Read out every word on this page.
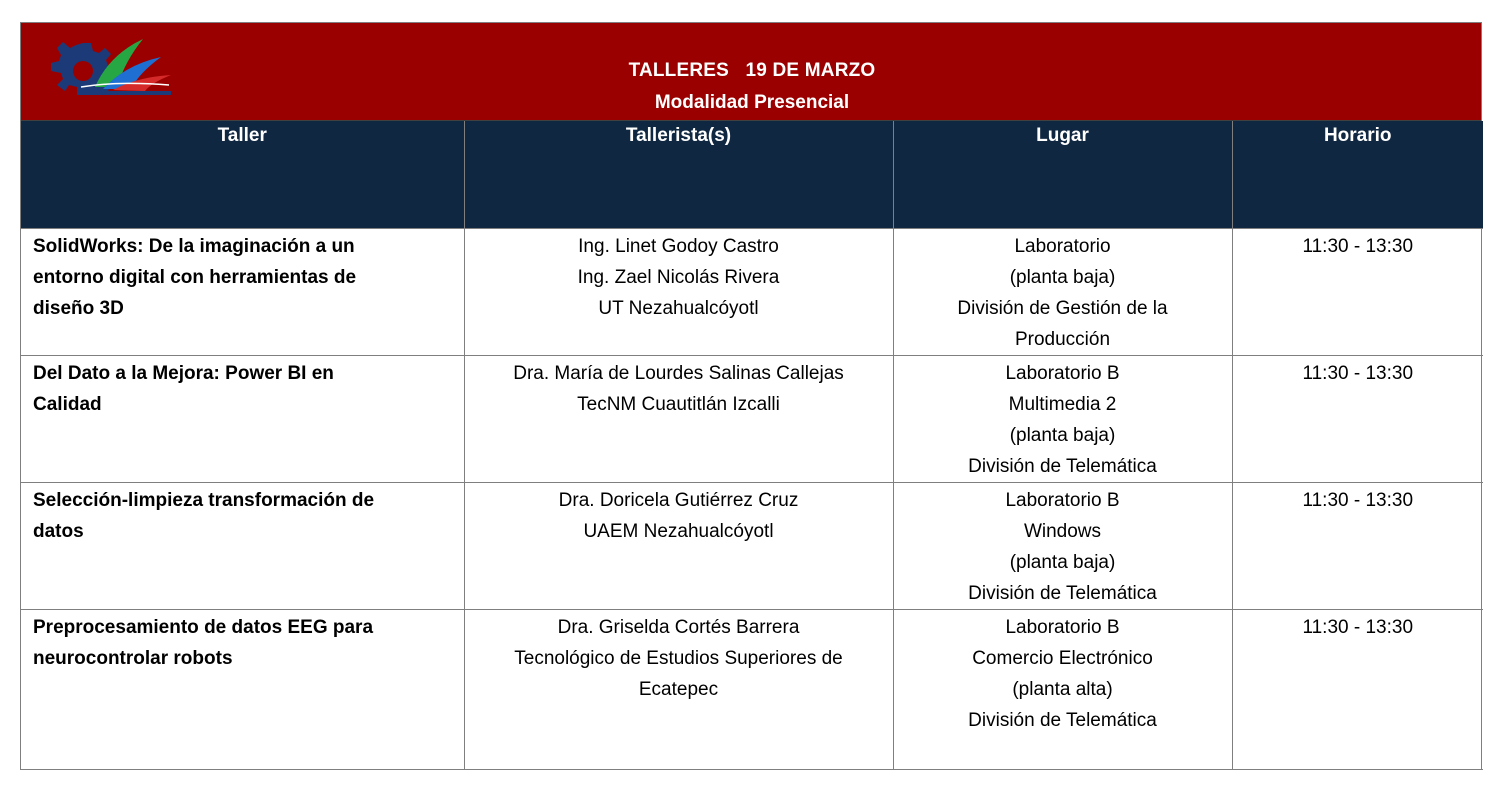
TALLERES 19 DE MARZO
Modalidad Presencial
Taller	Tallerista(s)	Lugar	Horario

SolidWorks: De la imaginación a un
entorno digital con herramientas de
diseño 3D	Ing. Linet Godoy Castro
Ing. Zael Nicolás Rivera
UT Nezahualcóyotl	Laboratorio
(planta baja)
División de Gestión de la
Producción	11:30 - 13:30

Del Dato a la Mejora: Power BI en
Calidad	Dra. María de Lourdes Salinas Callejas
TecNM Cuautitlán Izcalli	Laboratorio B
Multimedia 2
(planta baja)
División de Telemática	11:30 - 13:30

Selección-limpieza transformación de
datos	Dra. Doricela Gutiérrez Cruz
UAEM Nezahualcóyotl	Laboratorio B
Windows
(planta baja)
División de Telemática	11:30 - 13:30

Preprocesamiento de datos EEG para
neurocontrolar robots	Dra. Griselda Cortés Barrera
Tecnológico de Estudios Superiores de
Ecatepec	Laboratorio B
Comercio Electrónico
(planta alta)
División de Telemática	11:30 - 13:30
